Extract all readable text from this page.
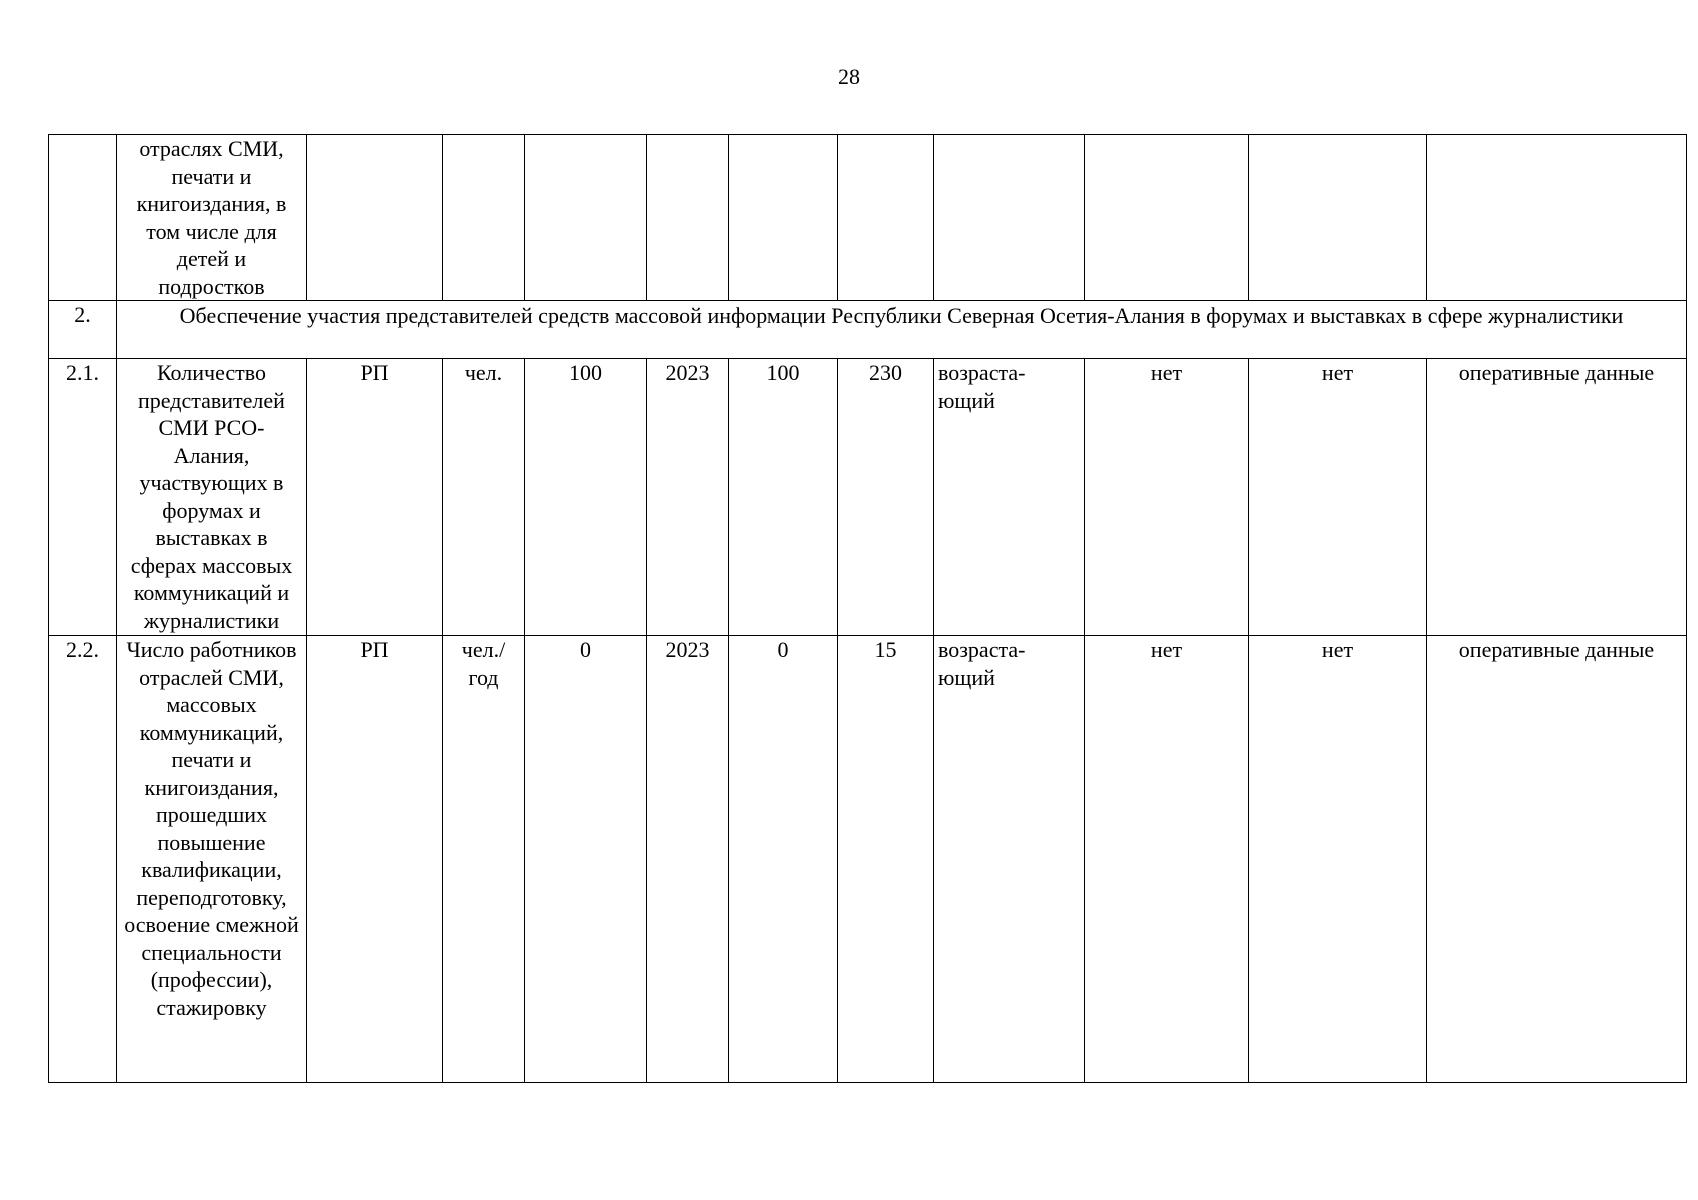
28
	отраслях СМИ, печати и книгоиздания, в том числе для детей и подростков										
2.	Обеспечение участия представителей средств массовой информации Республики Северная Осетия-Алания в форумах и выставках в сфере журналистики										
2.1.	Количество представителей СМИ РСО-Алания, участвующих в форумах и выставках в сферах массовых коммуникаций и журналистики	РП	чел.	100	2023	100	230	возраста-ющий	нет	нет	оперативные данные
2.2.	Число работников отраслей СМИ, массовых коммуникаций, печати и книгоиздания, прошедших повышение квалификации, переподготовку, освоение смежной специальности (профессии), стажировку	РП	чел./ год	0	2023	0	15	возраста-ющий	нет	нет	оперативные данные
